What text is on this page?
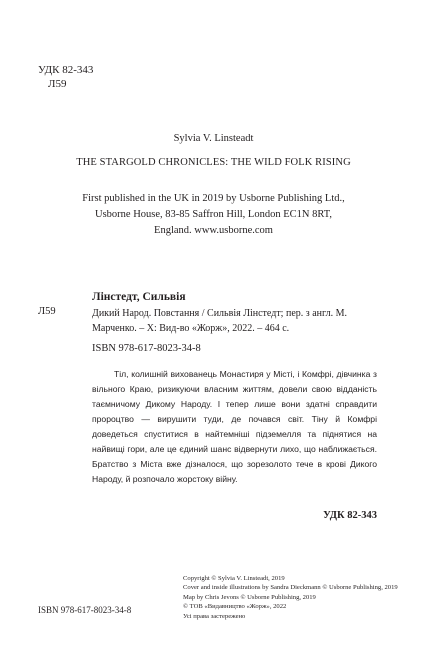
УДК 82-343
Л59
Sylvia V. Linsteadt
THE STARGOLD CHRONICLES: THE WILD FOLK RISING
First published in the UK in 2019 by Usborne Publishing Ltd.,
Usborne House, 83-85 Saffron Hill, London EC1N 8RT,
England. www.usborne.com
Л59
Лінстедт, Сильвія
Дикий Народ. Повстання / Сильвія Лінстедт; пер. з англ. М. Марченко. – Х: Вид-во «Жорж», 2022. – 464 с.
ISBN 978-617-8023-34-8
Тіл, колишній вихованець Монастиря у Місті, і Комфрі, дівчинка з вільного Краю, ризикуючи власним життям, довели свою відданість таємничому Дикому Народу. І тепер лише вони здатні справдити пророцтво — вирушити туди, де почався світ. Тіну й Комфрі доведеться спуститися в найтемніші підземелля та піднятися на найвищі гори, але це єдиний шанс відвернути лихо, що наближається. Братство з Міста вже дізналося, що зорезолото тече в крові Дикого Народу, й розпочало жорстоку війну.
УДК 82-343
Copyright © Sylvia V. Linsteadt, 2019
Cover and inside illustrations by Sandra Dieckmann © Usborne Publishing, 2019
Map by Chris Jevons © Usborne Publishing, 2019
© ТОВ «Видавництво «Жорж», 2022
Усі права застережено
ISBN 978-617-8023-34-8
